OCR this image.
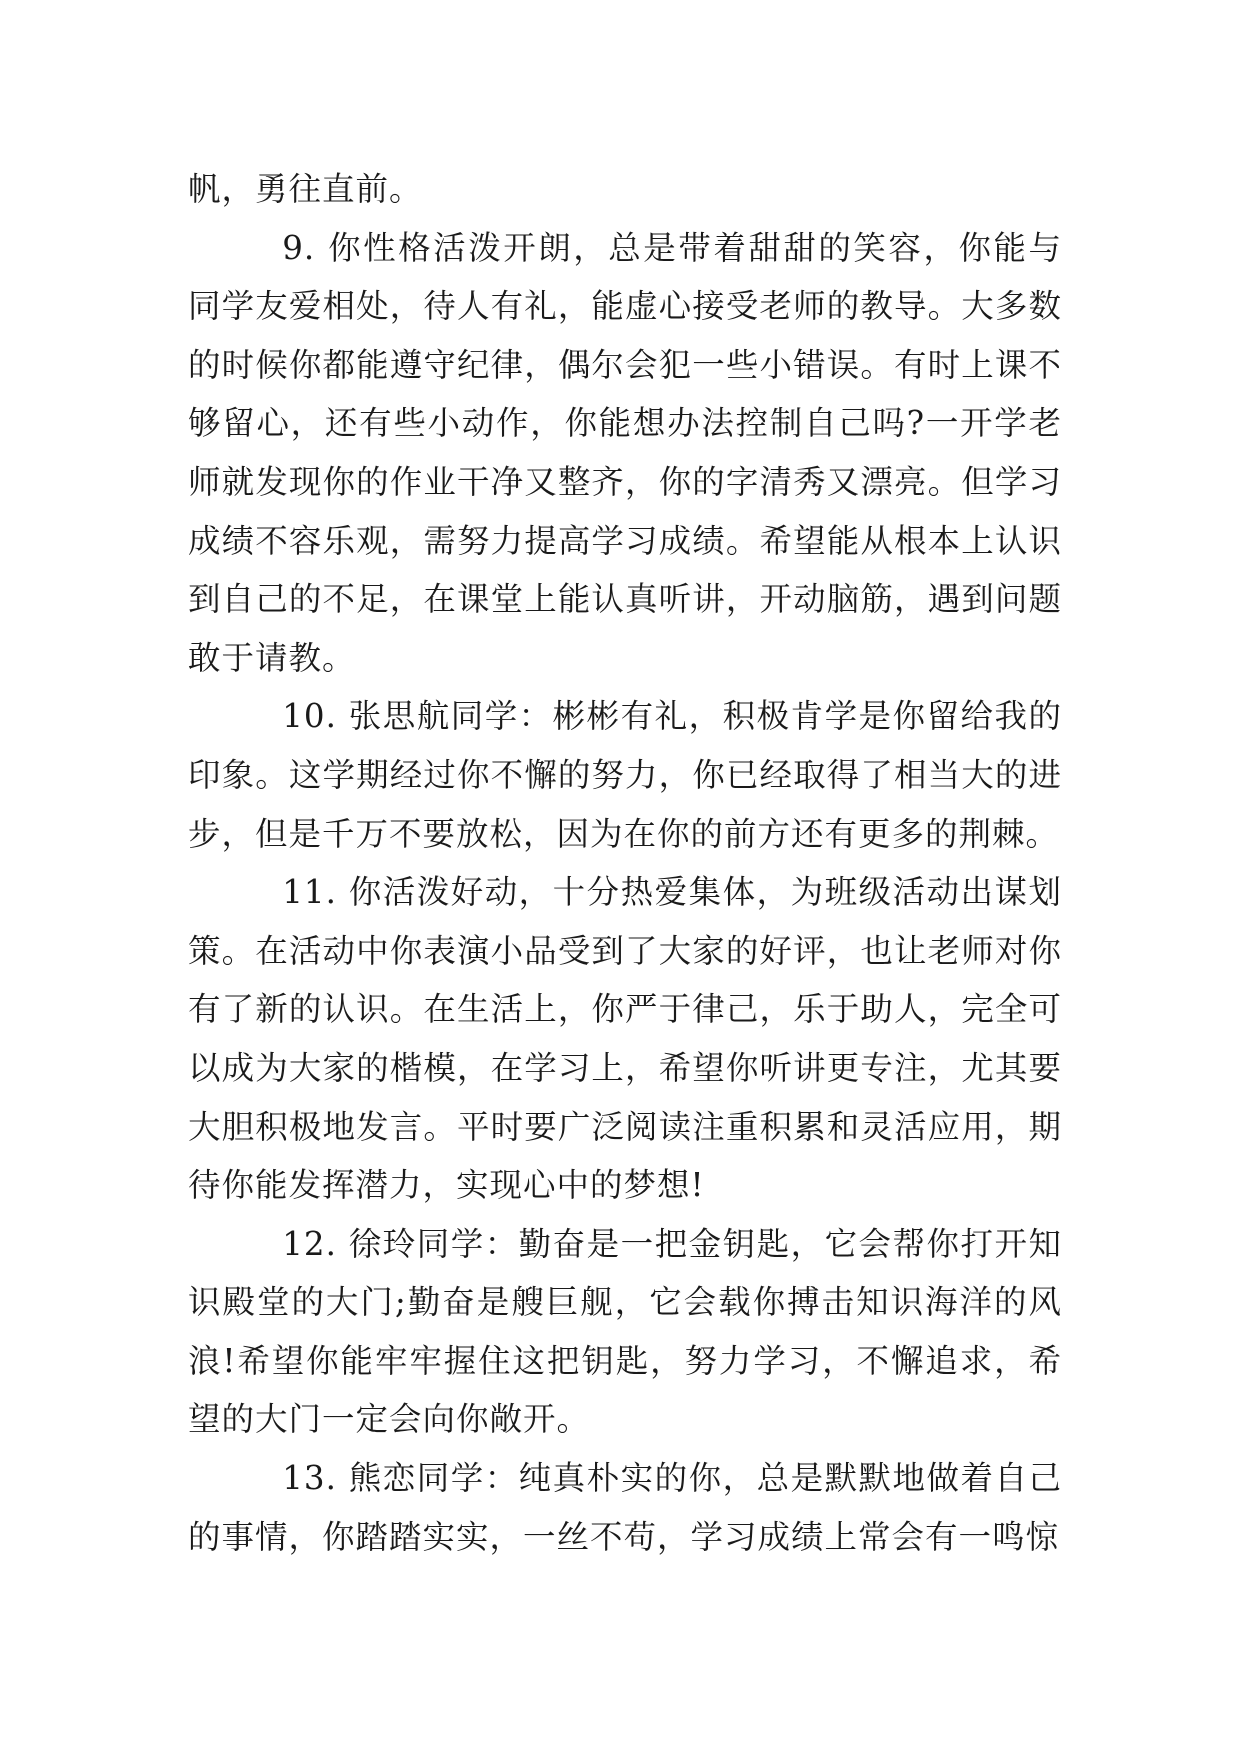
帆，勇往直前。

9. 你性格活泼开朗，总是带着甜甜的笑容，你能与同学友爱相处，待人有礼，能虚心接受老师的教导。大多数的时候你都能遵守纪律，偶尔会犯一些小错误。有时上课不够留心，还有些小动作，你能想办法控制自己吗?一开学老师就发现你的作业干净又整齐，你的字清秀又漂亮。但学习成绩不容乐观，需努力提高学习成绩。希望能从根本上认识到自己的不足，在课堂上能认真听讲，开动脑筋，遇到问题敢于请教。

10. 张思航同学：彬彬有礼，积极肯学是你留给我的印象。这学期经过你不懈的努力，你已经取得了相当大的进步，但是千万不要放松，因为在你的前方还有更多的荆棘。

11. 你活泼好动，十分热爱集体，为班级活动出谋划策。在活动中你表演小品受到了大家的好评，也让老师对你有了新的认识。在生活上，你严于律己，乐于助人，完全可以成为大家的楷模，在学习上，希望你听讲更专注，尤其要大胆积极地发言。平时要广泛阅读注重积累和灵活应用，期待你能发挥潜力，实现心中的梦想!

12. 徐玲同学：勤奋是一把金钥匙，它会帮你打开知识殿堂的大门;勤奋是艘巨舰，它会载你搏击知识海洋的风浪!希望你能牢牢握住这把钥匙，努力学习，不懈追求，希望的大门一定会向你敞开。

13. 熊恋同学：纯真朴实的你，总是默默地做着自己的事情，你踏踏实实，一丝不苟，学习成绩上常会有一鸣惊
